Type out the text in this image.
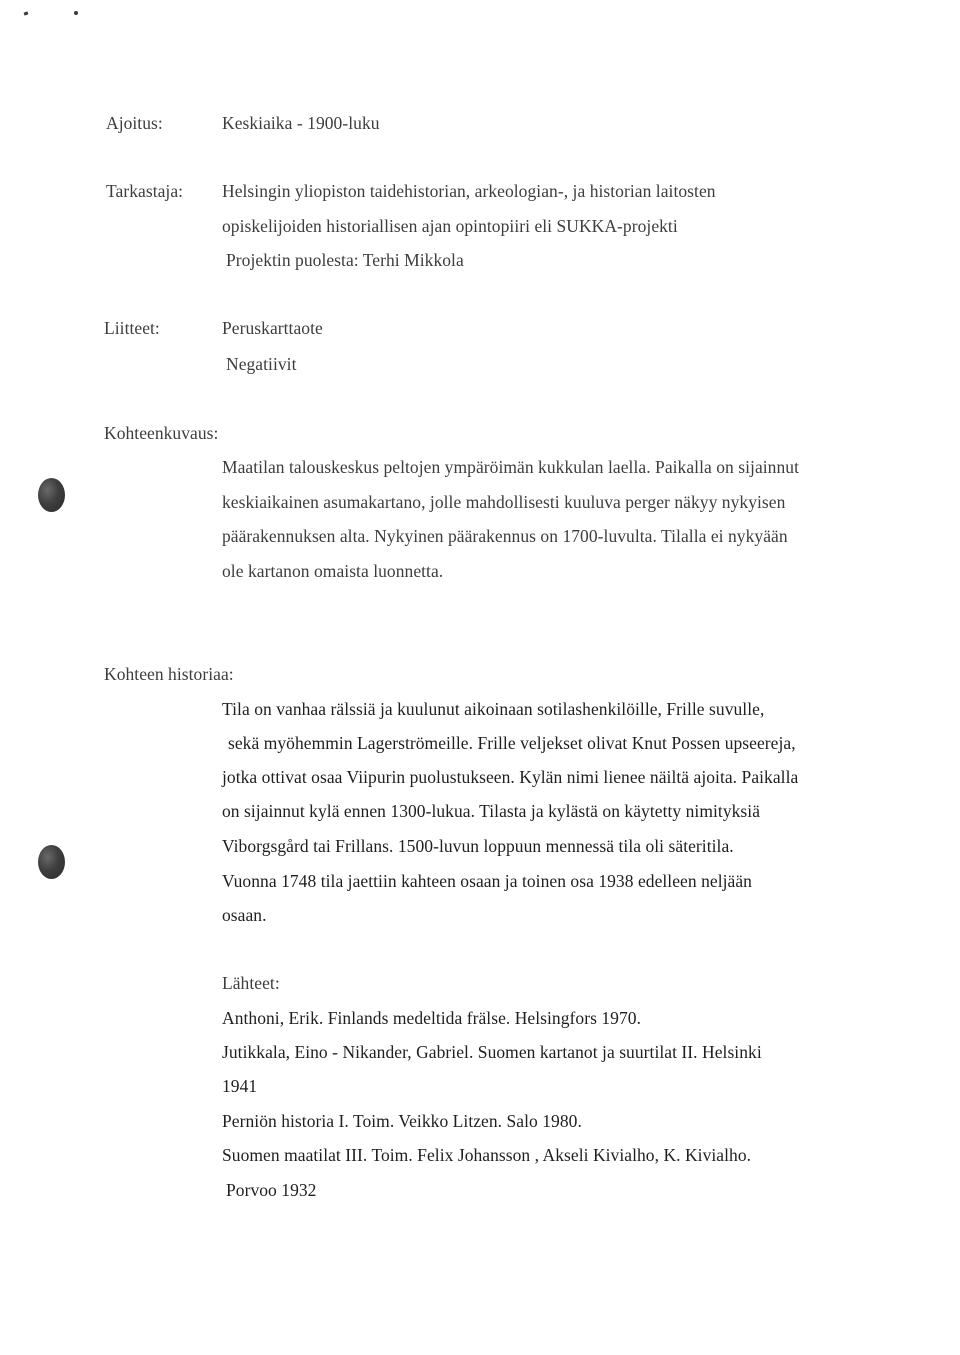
Ajoitus:	Keskiaika - 1900-luku
Tarkastaja: Helsingin yliopiston taidehistorian, arkeologian-, ja historian laitosten
opiskelijoiden historiallisen ajan opintopiiri eli SUKKA-projekti
Projektin puolesta: Terhi Mikkola
Liitteet:	Peruskarttaote
Negatiivit
Kohteenkuvaus:
Maatilan talouskeskus peltojen ympäröimän kukkulan laella. Paikalla on sijainnut
keskiaikainen asumakartano, jolle mahdollisesti kuuluva perger näkyy nykyisen
päärakennuksen alta. Nykyinen päärakennus on 1700-luvulta. Tilalla ei nykyään
ole kartanon omaista luonnetta.
Kohteen historiaa:
Tila on vanhaa rälssiä ja kuulunut aikoinaan sotilashenkilöille, Frille suvulle,
sekä myöhemmin Lagerströmeille. Frille veljekset olivat Knut Possen upseereja,
jotka ottivat osaa Viipurin puolustukseen. Kylän nimi lienee näiltä ajoita. Paikalla
on sijainnut kylä ennen 1300-lukua. Tilasta ja kylästä on käytetty nimityksiä
Viborgsgård tai Frillans. 1500-luvun loppuun mennessä tila oli säteritila.
Vuonna 1748 tila jaettiin kahteen osaan ja toinen osa 1938 edelleen neljään
osaan.
Lähteet:
Anthoni, Erik. Finlands medeltida frälse. Helsingfors 1970.
Jutikkala, Eino - Nikander, Gabriel. Suomen kartanot ja suurtilat II. Helsinki
1941
Perniön historia I. Toim. Veikko Litzen. Salo 1980.
Suomen maatilat III. Toim. Felix Johansson , Akseli Kivialho, K. Kivialho.
Porvoo 1932
